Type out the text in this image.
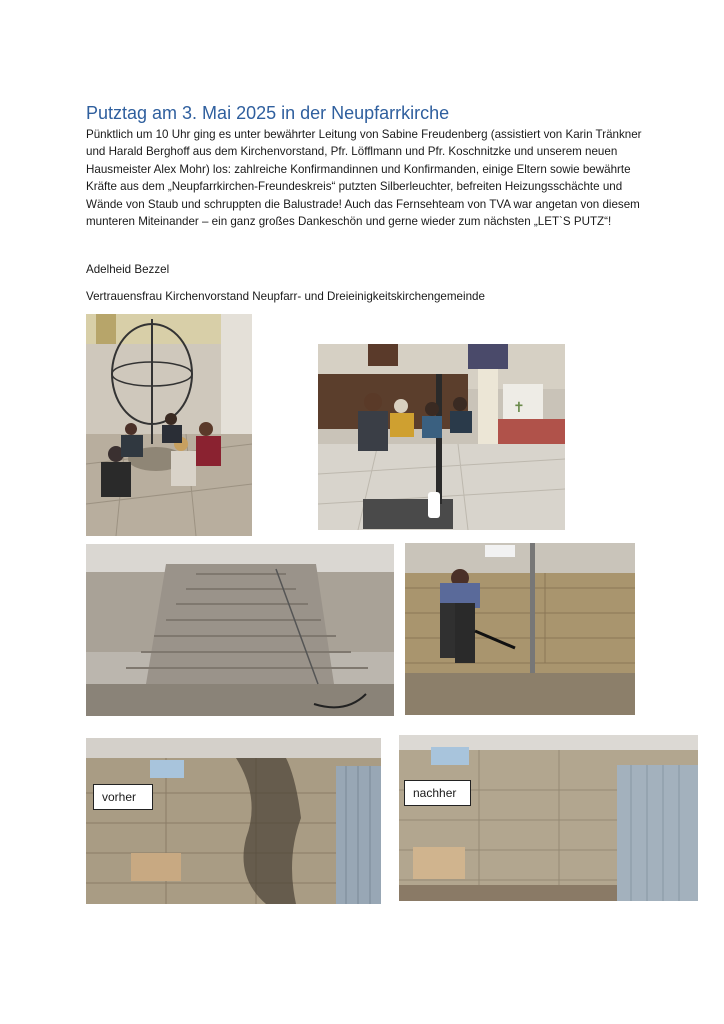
Putztag am 3. Mai 2025 in der Neupfarrkirche
Pünktlich um 10 Uhr ging es unter bewährter Leitung von Sabine Freudenberg (assistiert von Karin Tränkner und Harald Berghoff aus dem Kirchenvorstand, Pfr. Löfflmann und Pfr. Koschnitzke und unserem neuen Hausmeister Alex Mohr) los: zahlreiche Konfirmandinnen und Konfirmanden, einige Eltern sowie bewährte Kräfte aus dem „Neupfarrkirchen-Freundeskreis“ putzten Silberleuchter, befreiten Heizungsschächte und Wände von Staub und schruppten die Balustrade! Auch das Fernsehteam von TVA war angetan von diesem munteren Miteinander – ein ganz großes Dankeschön und gerne wieder zum nächsten „LET`S PUTZ“!
Adelheid Bezzel
Vertrauensfrau Kirchenvorstand Neupfarr- und Dreieinigkeitskirchengemeinde
✝
vorher	nachher
